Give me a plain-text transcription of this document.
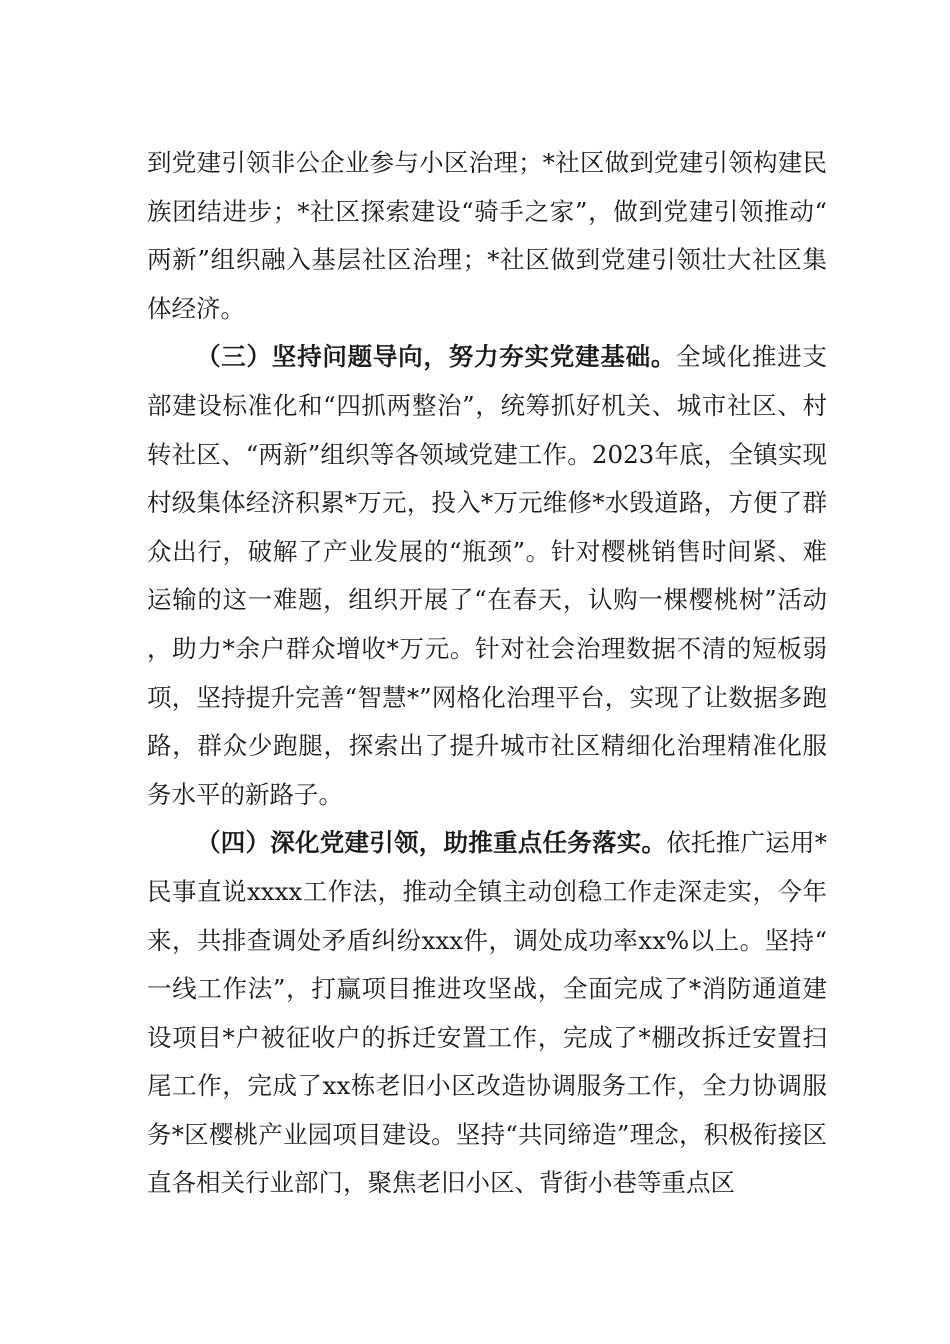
到党建引领非公企业参与小区治理；*社区做到党建引领构建民族团结进步；*社区探索建设“骑手之家”，做到党建引领推动“两新”组织融入基层社区治理；*社区做到党建引领壮大社区集体经济。

（三）坚持问题导向，努力夯实党建基础。全域化推进支部建设标准化和“四抓两整治”，统筹抓好机关、城市社区、村转社区、“两新”组织等各领域党建工作。2023年底，全镇实现村级集体经济积累*万元，投入*万元维修*水毁道路，方便了群众出行，破解了产业发展的“瓶颈”。针对樱桃销售时间紧、难运输的这一难题，组织开展了“在春天，认购一棵樱桃树”活动，助力*余户群众增收*万元。针对社会治理数据不清的短板弱项，坚持提升完善“智慧*”网格化治理平台，实现了让数据多跑路，群众少跑腿，探索出了提升城市社区精细化治理精准化服务水平的新路子。

（四）深化党建引领，助推重点任务落实。依托推广运用*民事直说xxxx工作法，推动全镇主动创稳工作走深走实，今年来，共排查调处矛盾纠纷xxx件，调处成功率xx%以上。坚持“一线工作法”，打赢项目推进攻坚战，全面完成了*消防通道建设项目*户被征收户的拆迁安置工作，完成了*棚改拆迁安置扫尾工作，完成了xx栋老旧小区改造协调服务工作，全力协调服务*区樱桃产业园项目建设。坚持“共同缔造”理念，积极衔接区直各相关行业部门，聚焦老旧小区、背街小巷等重点区
